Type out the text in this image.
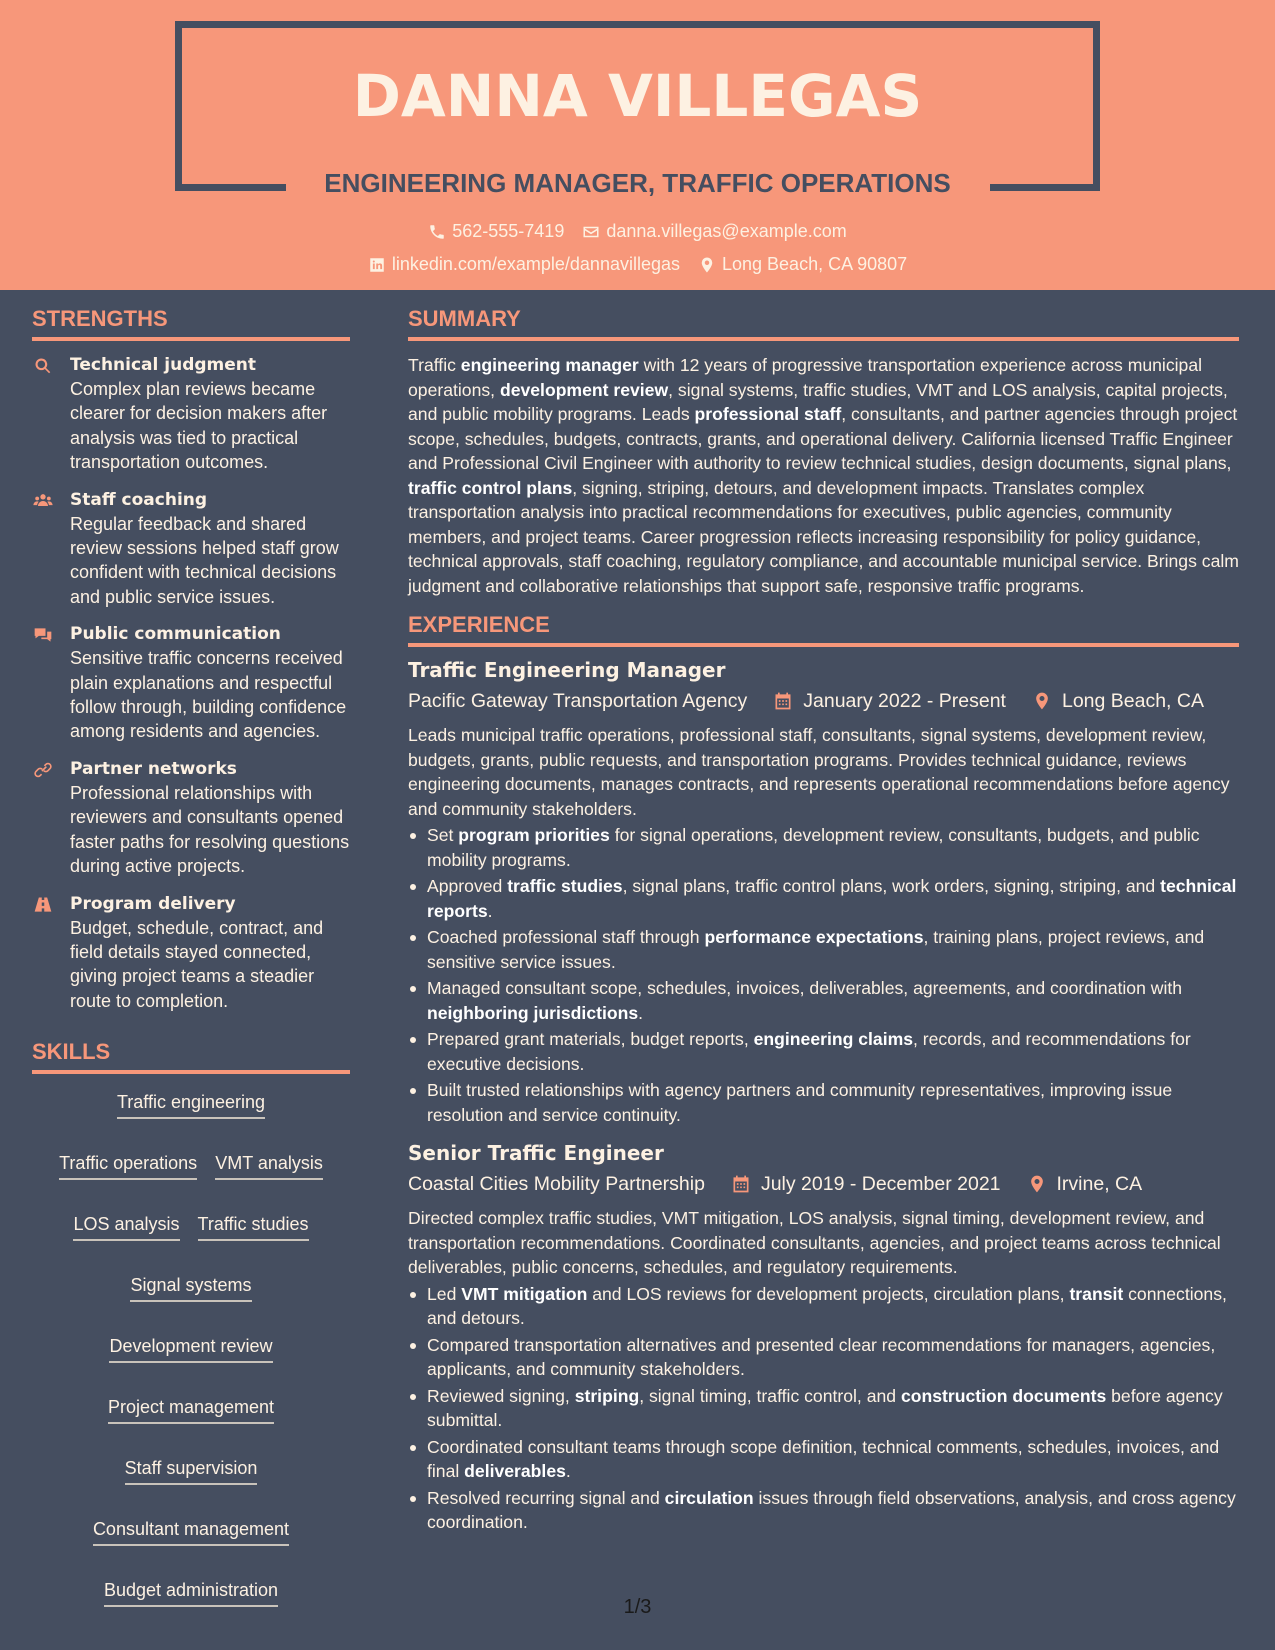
DANNA VILLEGAS
ENGINEERING MANAGER, TRAFFIC OPERATIONS
562-555-7419 danna.villegas@example.com
linkedin.com/example/dannavillegas Long Beach, CA 90807
STRENGTHS
Technical judgment
Complex plan reviews became clearer for decision makers after analysis was tied to practical transportation outcomes.
Staff coaching
Regular feedback and shared review sessions helped staff grow confident with technical decisions and public service issues.
Public communication
Sensitive traffic concerns received plain explanations and respectful follow through, building confidence among residents and agencies.
Partner networks
Professional relationships with reviewers and consultants opened faster paths for resolving questions during active projects.
Program delivery
Budget, schedule, contract, and field details stayed connected, giving project teams a steadier route to completion.
SKILLS
Traffic engineering
Traffic operations VMT analysis
LOS analysis Traffic studies
Signal systems
Development review
Project management
Staff supervision
Consultant management
Budget administration
SUMMARY

Traffic engineering manager with 12 years of progressive transportation experience across municipal operations, development review, signal systems, traffic studies, VMT and LOS analysis, capital projects, and public mobility programs. Leads professional staff, consultants, and partner agencies through project scope, schedules, budgets, contracts, grants, and operational delivery. California licensed Traffic Engineer and Professional Civil Engineer with authority to review technical studies, design documents, signal plans, traffic control plans, signing, striping, detours, and development impacts. Translates complex transportation analysis into practical recommendations for executives, public agencies, community members, and project teams. Career progression reflects increasing responsibility for policy guidance, technical approvals, staff coaching, regulatory compliance, and accountable municipal service. Brings calm judgment and collaborative relationships that support safe, responsive traffic programs.

EXPERIENCE
Traffic Engineering Manager
Pacific Gateway Transportation Agency	January 2022 - Present	Long Beach, CA

Leads municipal traffic operations, professional staff, consultants, signal systems, development review, budgets, grants, public requests, and transportation programs. Provides technical guidance, reviews engineering documents, manages contracts, and represents operational recommendations before agency and community stakeholders.

Set program priorities for signal operations, development review, consultants, budgets, and public mobility programs.
Approved traffic studies, signal plans, traffic control plans, work orders, signing, striping, and technical reports.
Coached professional staff through performance expectations, training plans, project reviews, and sensitive service issues.
Managed consultant scope, schedules, invoices, deliverables, agreements, and coordination with neighboring jurisdictions.
Prepared grant materials, budget reports, engineering claims, records, and recommendations for executive decisions.
Built trusted relationships with agency partners and community representatives, improving issue resolution and service continuity.
Senior Traffic Engineer
Coastal Cities Mobility Partnership	July 2019 - December 2021	Irvine, CA

Directed complex traffic studies, VMT mitigation, LOS analysis, signal timing, development review, and transportation recommendations. Coordinated consultants, agencies, and project teams across technical deliverables, public concerns, schedules, and regulatory requirements.

Led VMT mitigation and LOS reviews for development projects, circulation plans, transit connections, and detours.
Compared transportation alternatives and presented clear recommendations for managers, agencies, applicants, and community stakeholders.
Reviewed signing, striping, signal timing, traffic control, and construction documents before agency submittal.
Coordinated consultant teams through scope definition, technical comments, schedules, invoices, and final deliverables.
Resolved recurring signal and circulation issues through field observations, analysis, and cross agency coordination.
1/3
